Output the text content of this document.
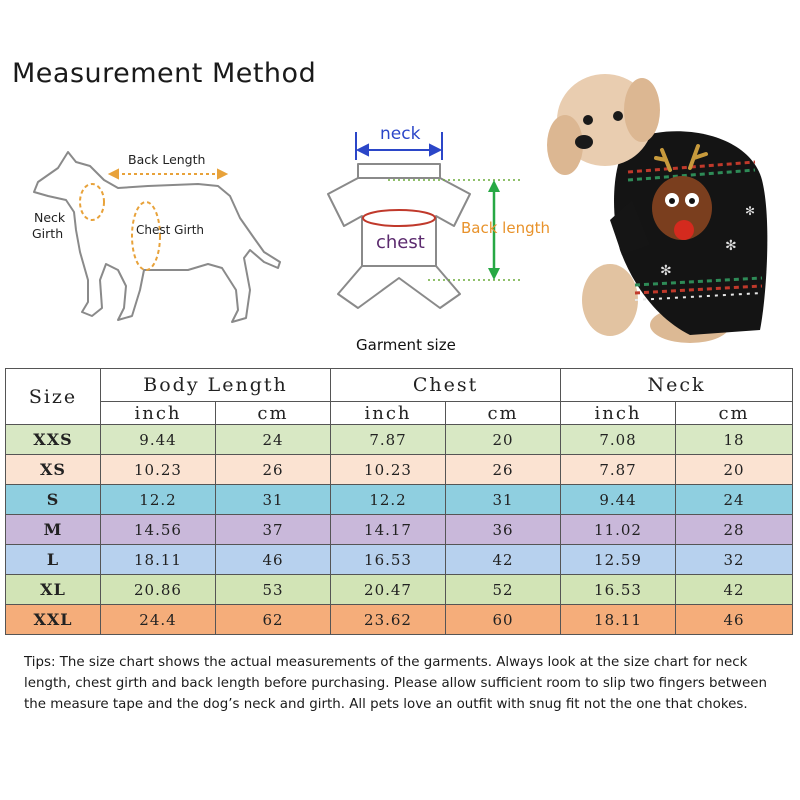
Measurement Method
Back Length
Neck
Girth	Chest Girth
neck
chest
Back length
Garment size
✻
✻
✻
Size	Body Length		Chest		Neck	
	inch	cm	inch	cm	inch	cm
XXS	9.44	24	7.87	20	7.08	18
XS	10.23	26	10.23	26	7.87	20
S	12.2	31	12.2	31	9.44	24
M	14.56	37	14.17	36	11.02	28
L	18.11	46	16.53	42	12.59	32
XL	20.86	53	20.47	52	16.53	42
XXL	24.4	62	23.62	60	18.11	46

Tips: The size chart shows the actual measurements of the garments. Always look at the size chart for neck length, chest girth and back length before purchasing. Please allow sufficient room to slip two fingers between the measure tape and the dog’s neck and girth. All pets love an outfit with snug fit not the one that chokes.
